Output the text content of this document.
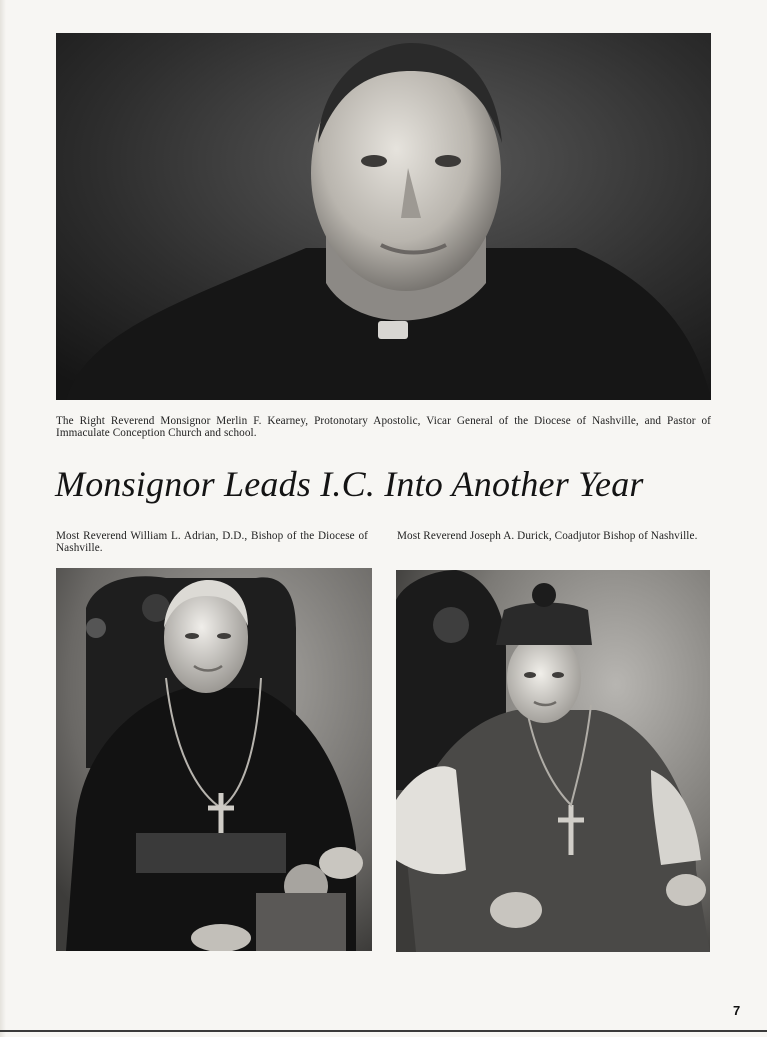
The Right Reverend Monsignor Merlin F. Kearney, Protonotary Apostolic, Vicar General of the Diocese of Nashville, and Pastor of Immaculate Conception Church and school.
Monsignor Leads I.C. Into Another Year
Most Reverend William L. Adrian, D.D., Bishop of the Diocese of Nashville.
Most Reverend Joseph A. Durick, Coadjutor Bishop of Nashville.
7
